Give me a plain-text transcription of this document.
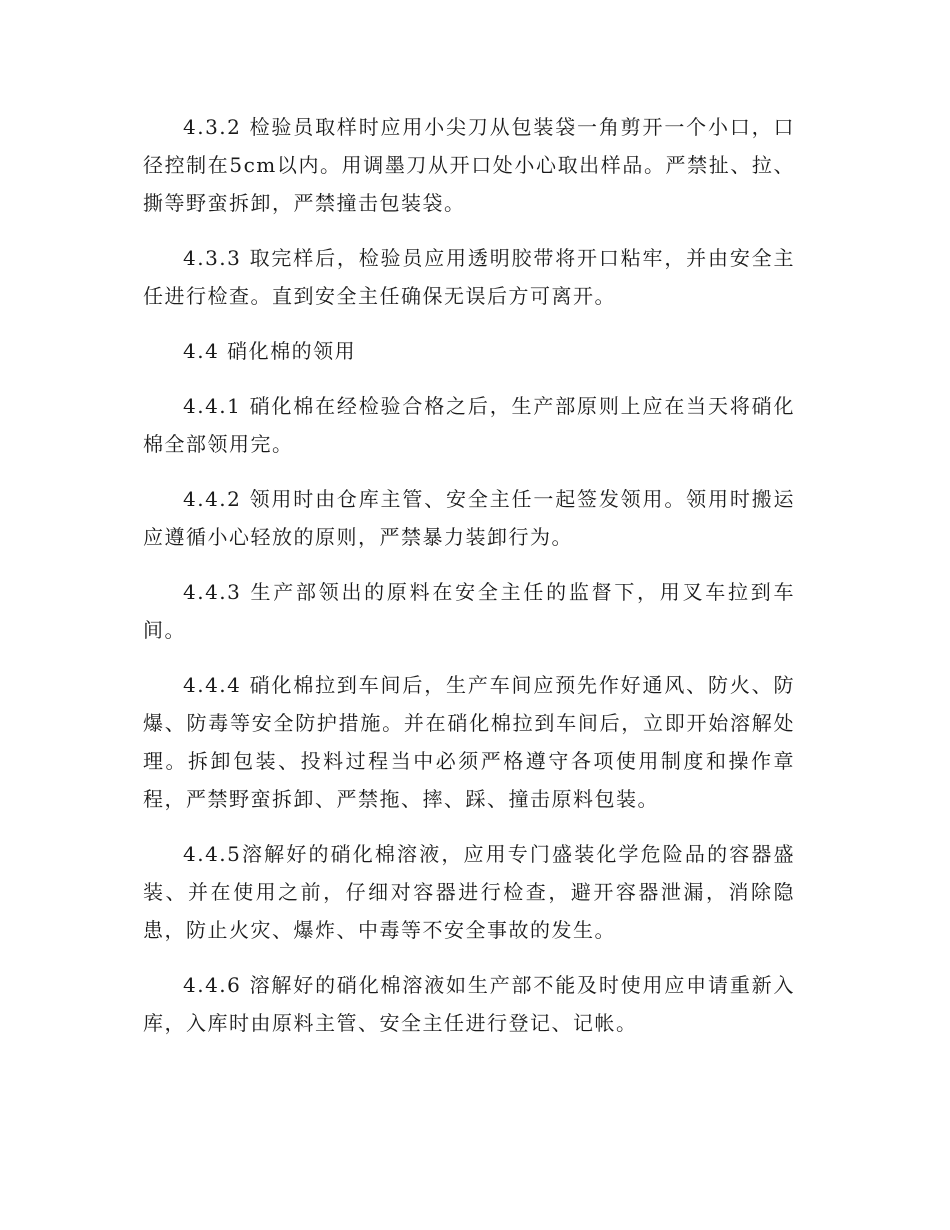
4.3.2 检验员取样时应用小尖刀从包装袋一角剪开一个小口，口径控制在5cm以内。用调墨刀从开口处小心取出样品。严禁扯、拉、撕等野蛮拆卸，严禁撞击包装袋。

4.3.3 取完样后，检验员应用透明胶带将开口粘牢，并由安全主任进行检查。直到安全主任确保无误后方可离开。

4.4 硝化棉的领用

4.4.1 硝化棉在经检验合格之后，生产部原则上应在当天将硝化棉全部领用完。

4.4.2 领用时由仓库主管、安全主任一起签发领用。领用时搬运应遵循小心轻放的原则，严禁暴力装卸行为。

4.4.3 生产部领出的原料在安全主任的监督下，用叉车拉到车间。

4.4.4 硝化棉拉到车间后，生产车间应预先作好通风、防火、防爆、防毒等安全防护措施。并在硝化棉拉到车间后，立即开始溶解处理。拆卸包装、投料过程当中必须严格遵守各项使用制度和操作章程，严禁野蛮拆卸、严禁拖、摔、踩、撞击原料包装。

4.4.5溶解好的硝化棉溶液，应用专门盛装化学危险品的容器盛装、并在使用之前，仔细对容器进行检查，避开容器泄漏，消除隐患，防止火灾、爆炸、中毒等不安全事故的发生。

4.4.6 溶解好的硝化棉溶液如生产部不能及时使用应申请重新入库，入库时由原料主管、安全主任进行登记、记帐。
